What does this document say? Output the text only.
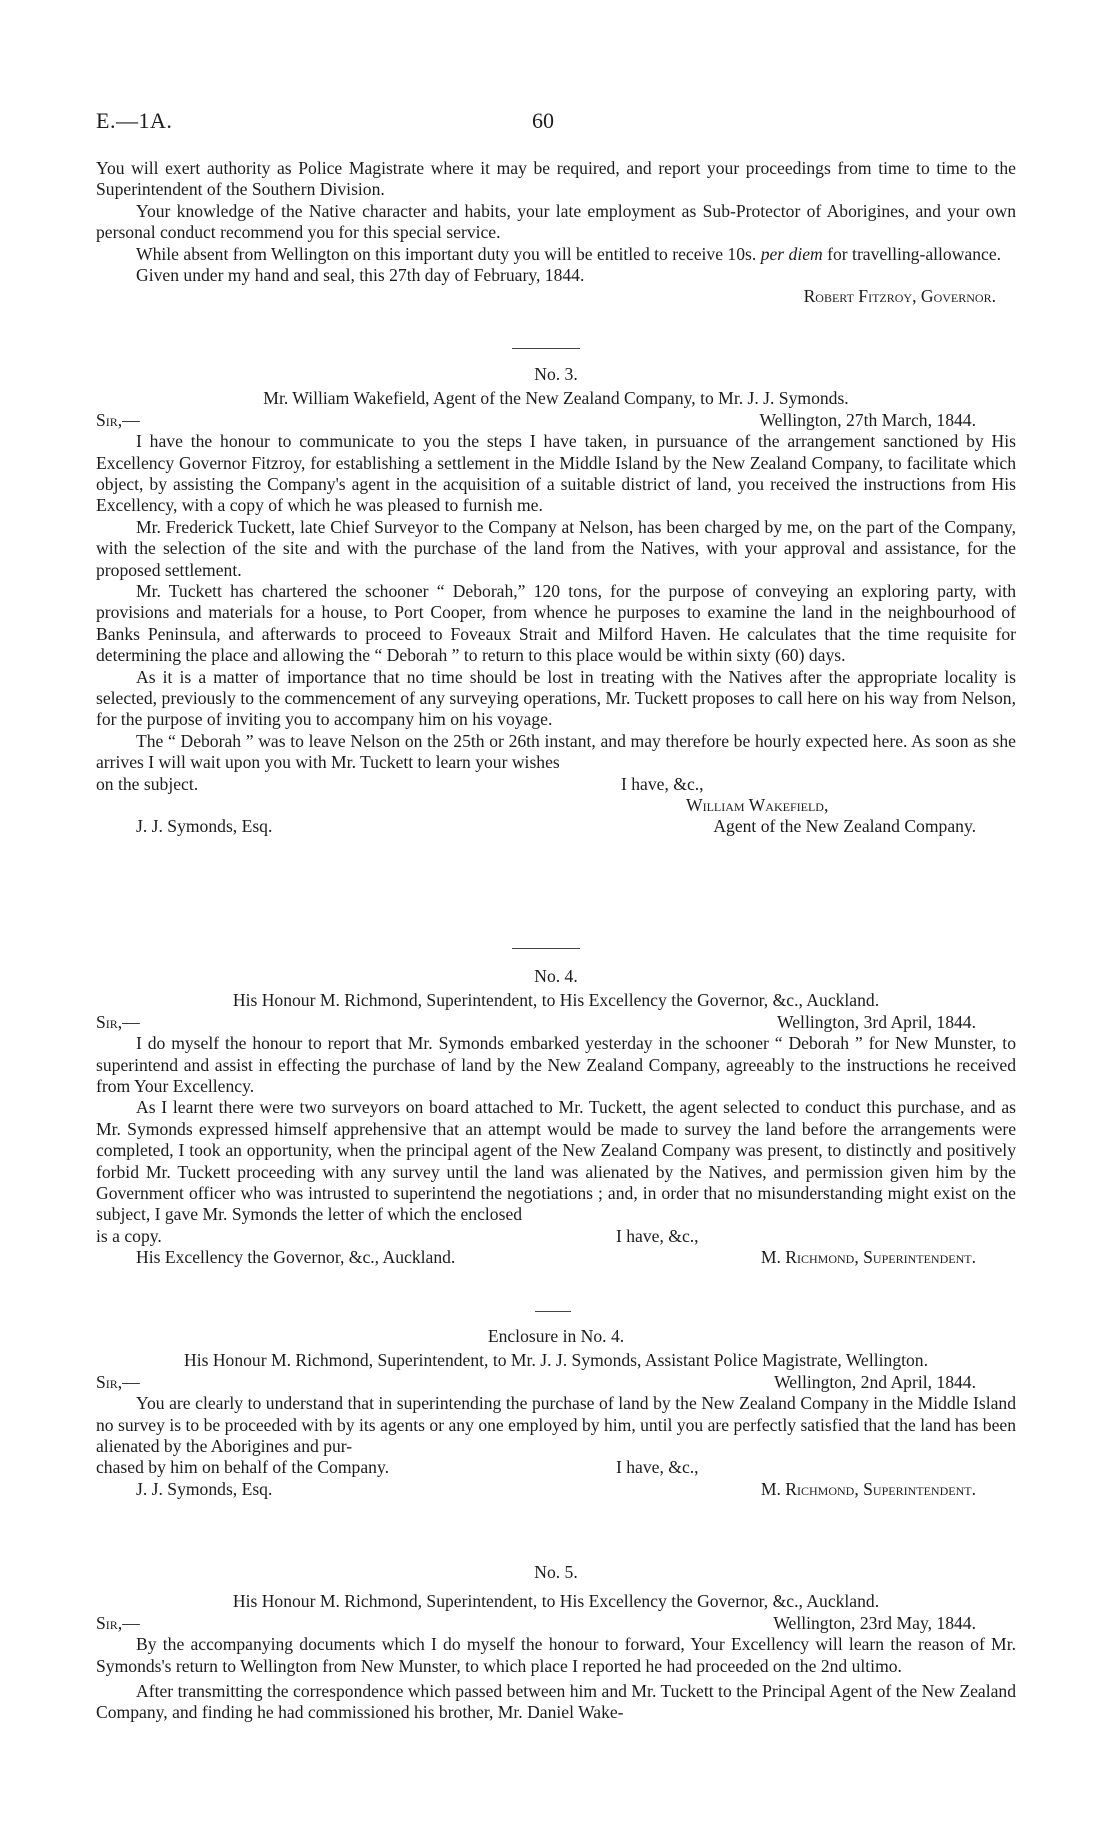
E.—1A.	60

You will exert authority as Police Magistrate where it may be required, and report your proceedings from time to time to the Superintendent of the Southern Division.

Your knowledge of the Native character and habits, your late employment as Sub-Protector of Aborigines, and your own personal conduct recommend you for this special service.

While absent from Wellington on this important duty you will be entitled to receive 10s. per diem for travelling-allowance.

Given under my hand and seal, this 27th day of February, 1844.

Robert Fitzroy, Governor.

No. 3.
Mr. William Wakefield, Agent of the New Zealand Company, to Mr. J. J. Symonds.
Sir,—	Wellington, 27th March, 1844.

I have the honour to communicate to you the steps I have taken, in pursuance of the arrangement sanctioned by His Excellency Governor Fitzroy, for establishing a settlement in the Middle Island by the New Zealand Company, to facilitate which object, by assisting the Company's agent in the acquisition of a suitable district of land, you received the instructions from His Excellency, with a copy of which he was pleased to furnish me.

Mr. Frederick Tuckett, late Chief Surveyor to the Company at Nelson, has been charged by me, on the part of the Company, with the selection of the site and with the purchase of the land from the Natives, with your approval and assistance, for the proposed settlement.

Mr. Tuckett has chartered the schooner “ Deborah,” 120 tons, for the purpose of conveying an exploring party, with provisions and materials for a house, to Port Cooper, from whence he purposes to examine the land in the neighbourhood of Banks Peninsula, and afterwards to proceed to Foveaux Strait and Milford Haven. He calculates that the time requisite for determining the place and allowing the “ Deborah ” to return to this place would be within sixty (60) days.

As it is a matter of importance that no time should be lost in treating with the Natives after the appropriate locality is selected, previously to the commencement of any surveying operations, Mr. Tuckett proposes to call here on his way from Nelson, for the purpose of inviting you to accompany him on his voyage.

The “ Deborah ” was to leave Nelson on the 25th or 26th instant, and may therefore be hourly expected here. As soon as she arrives I will wait upon you with Mr. Tuckett to learn your wishes

on the subject.	I have, &c.,
William Wakefield,
J. J. Symonds, Esq.	Agent of the New Zealand Company.
No. 4.
His Honour M. Richmond, Superintendent, to His Excellency the Governor, &c., Auckland.
Sir,—	Wellington, 3rd April, 1844.

I do myself the honour to report that Mr. Symonds embarked yesterday in the schooner “ Deborah ” for New Munster, to superintend and assist in effecting the purchase of land by the New Zealand Company, agreeably to the instructions he received from Your Excellency.

As I learnt there were two surveyors on board attached to Mr. Tuckett, the agent selected to conduct this purchase, and as Mr. Symonds expressed himself apprehensive that an attempt would be made to survey the land before the arrangements were completed, I took an opportunity, when the principal agent of the New Zealand Company was present, to distinctly and positively forbid Mr. Tuckett proceeding with any survey until the land was alienated by the Natives, and permission given him by the Government officer who was intrusted to superintend the negotiations ; and, in order that no misunderstanding might exist on the subject, I gave Mr. Symonds the letter of which the enclosed

is a copy.	I have, &c.,
His Excellency the Governor, &c., Auckland.	M. Richmond, Superintendent.
Enclosure in No. 4.
His Honour M. Richmond, Superintendent, to Mr. J. J. Symonds, Assistant Police Magistrate, Wellington.
Sir,—	Wellington, 2nd April, 1844.

You are clearly to understand that in superintending the purchase of land by the New Zealand Company in the Middle Island no survey is to be proceeded with by its agents or any one employed by him, until you are perfectly satisfied that the land has been alienated by the Aborigines and pur-

chased by him on behalf of the Company.	I have, &c.,
J. J. Symonds, Esq.	M. Richmond, Superintendent.
No. 5.
His Honour M. Richmond, Superintendent, to His Excellency the Governor, &c., Auckland.
Sir,—	Wellington, 23rd May, 1844.

By the accompanying documents which I do myself the honour to forward, Your Excellency will learn the reason of Mr. Symonds's return to Wellington from New Munster, to which place I reported he had proceeded on the 2nd ultimo.

After transmitting the correspondence which passed between him and Mr. Tuckett to the Principal Agent of the New Zealand Company, and finding he had commissioned his brother, Mr. Daniel Wake-
